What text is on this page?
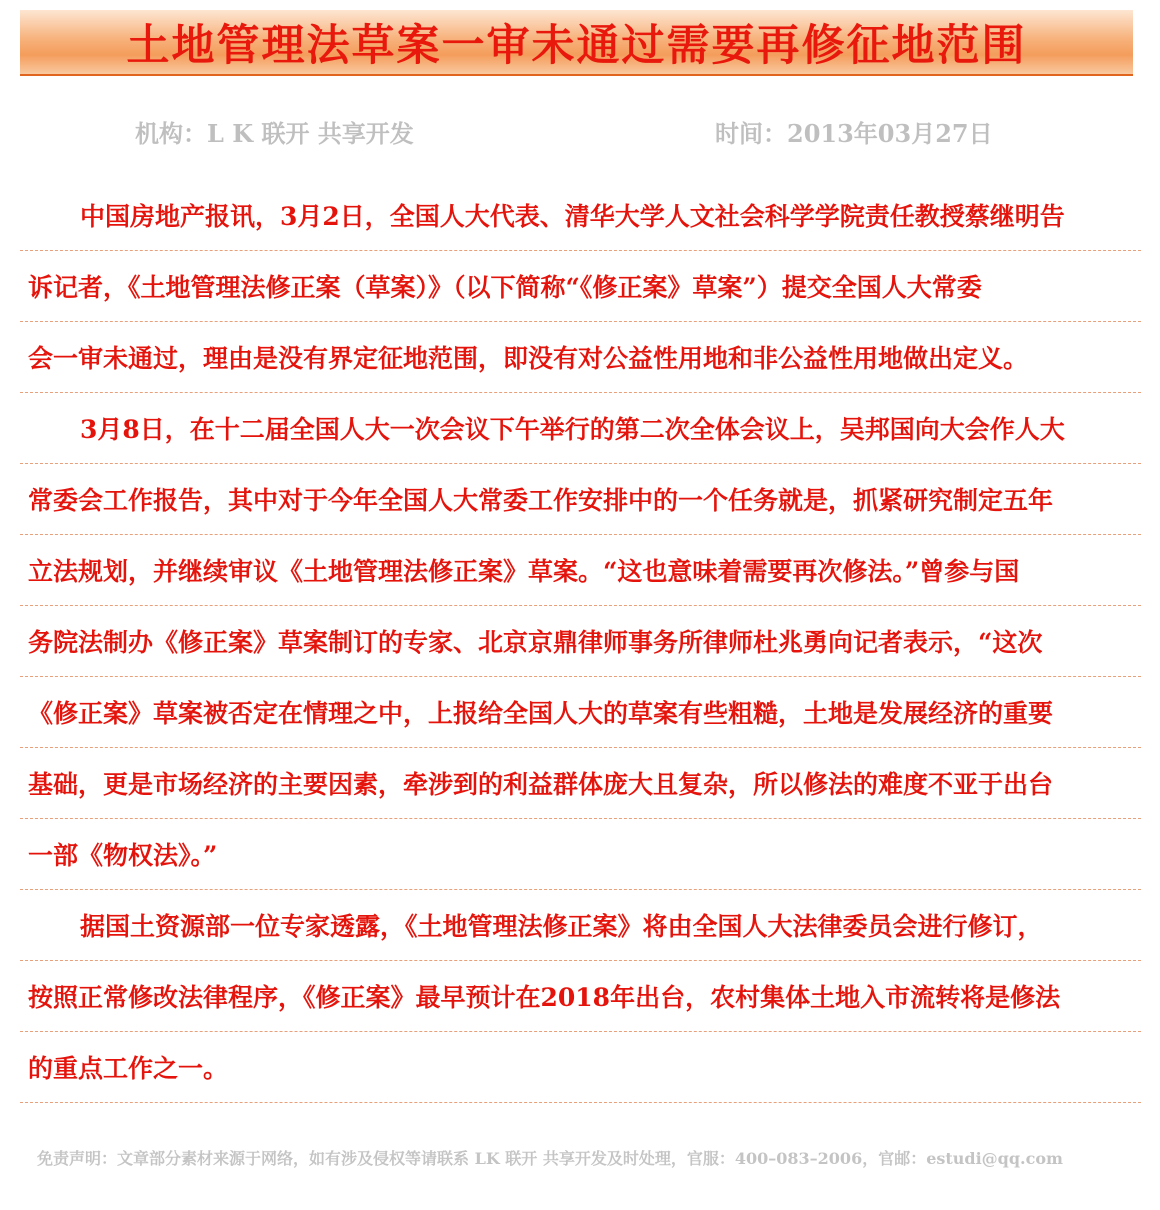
土地管理法草案一审未通过需要再修征地范围
机构：L K 联开 共享开发	时间：2013年03月27日
中国房地产报讯，3月2日，全国人大代表、清华大学人文社会科学学院责任教授蔡继明告
诉记者，《土地管理法修正案（草案）》（以下简称“《修正案》草案”）提交全国人大常委
会一审未通过，理由是没有界定征地范围，即没有对公益性用地和非公益性用地做出定义。
3月8日，在十二届全国人大一次会议下午举行的第二次全体会议上，吴邦国向大会作人大
常委会工作报告，其中对于今年全国人大常委工作安排中的一个任务就是，抓紧研究制定五年
立法规划，并继续审议《土地管理法修正案》草案。“这也意味着需要再次修法。”曾参与国
务院法制办《修正案》草案制订的专家、北京京鼎律师事务所律师杜兆勇向记者表示，“这次
《修正案》草案被否定在情理之中，上报给全国人大的草案有些粗糙，土地是发展经济的重要
基础，更是市场经济的主要因素，牵涉到的利益群体庞大且复杂，所以修法的难度不亚于出台
一部《物权法》。”
据国土资源部一位专家透露，《土地管理法修正案》将由全国人大法律委员会进行修订，
按照正常修改法律程序，《修正案》最早预计在2018年出台，农村集体土地入市流转将是修法
的重点工作之一。
免责声明：文章部分素材来源于网络，如有涉及侵权等请联系 LK 联开 共享开发及时处理，官服：400–083–2006，官邮：estudi@qq.com
